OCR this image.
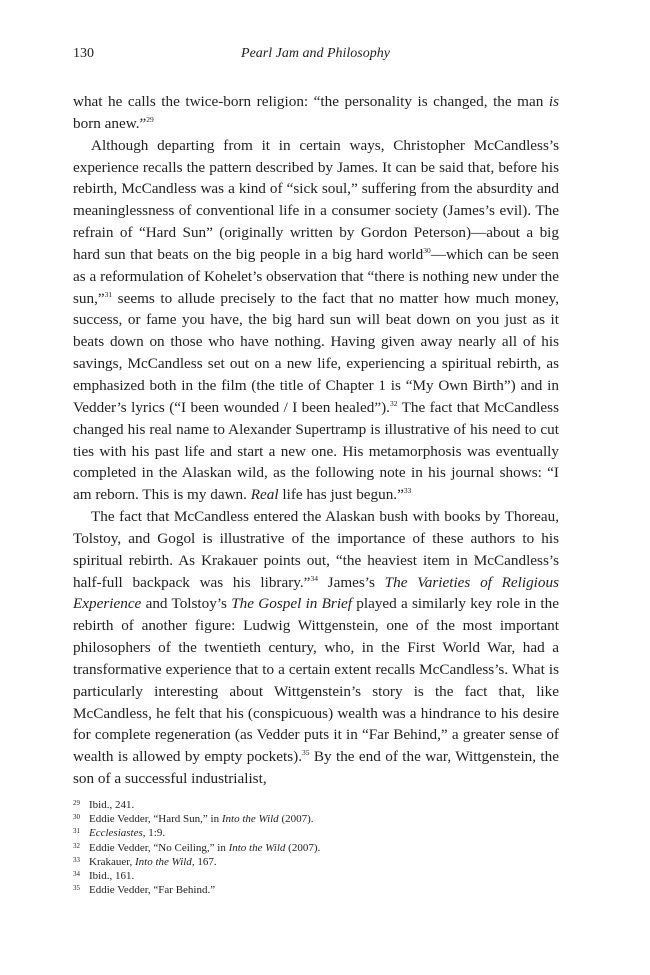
130	Pearl Jam and Philosophy

what he calls the twice-born religion: “the personality is changed, the man is born anew.”$^{29}$

Although departing from it in certain ways, Christopher McCandless’s experience recalls the pattern described by James. It can be said that, before his rebirth, McCandless was a kind of “sick soul,” suffering from the absurdity and meaninglessness of conventional life in a consumer society (James’s evil). The refrain of “Hard Sun” (originally written by Gordon Peterson)—about a big hard sun that beats on the big people in a big hard world$^{30}$—which can be seen as a reformulation of Kohelet’s observation that “there is nothing new under the sun,”$^{31}$ seems to allude precisely to the fact that no matter how much money, success, or fame you have, the big hard sun will beat down on you just as it beats down on those who have nothing. Having given away nearly all of his savings, McCandless set out on a new life, experiencing a spiritual rebirth, as emphasized both in the film (the title of Chapter 1 is “My Own Birth”) and in Vedder’s lyrics (“I been wounded / I been healed”).$^{32}$ The fact that McCandless changed his real name to Alexander Supertramp is illustrative of his need to cut ties with his past life and start a new one. His metamorphosis was eventually completed in the Alaskan wild, as the following note in his journal shows: “I am reborn. This is my dawn. Real life has just begun.”$^{33}$

The fact that McCandless entered the Alaskan bush with books by Thoreau, Tolstoy, and Gogol is illustrative of the importance of these authors to his spiritual rebirth. As Krakauer points out, “the heaviest item in McCandless’s half-full backpack was his library.”$^{34}$ James’s The Varieties of Religious Experience and Tolstoy’s The Gospel in Brief played a similarly key role in the rebirth of another figure: Ludwig Wittgenstein, one of the most important philosophers of the twentieth century, who, in the First World War, had a transformative experience that to a certain extent recalls McCandless’s. What is particularly interesting about Wittgenstein’s story is the fact that, like McCandless, he felt that his (conspicuous) wealth was a hindrance to his desire for complete regeneration (as Vedder puts it in “Far Behind,” a greater sense of wealth is allowed by empty pockets).$^{35}$ By the end of the war, Wittgenstein, the son of a successful industrialist,

29 Ibid., 241.
30 Eddie Vedder, “Hard Sun,” in Into the Wild (2007).
31 Ecclesiastes, 1:9.
32 Eddie Vedder, “No Ceiling,” in Into the Wild (2007).
33 Krakauer, Into the Wild, 167.
34 Ibid., 161.
35 Eddie Vedder, “Far Behind.”
